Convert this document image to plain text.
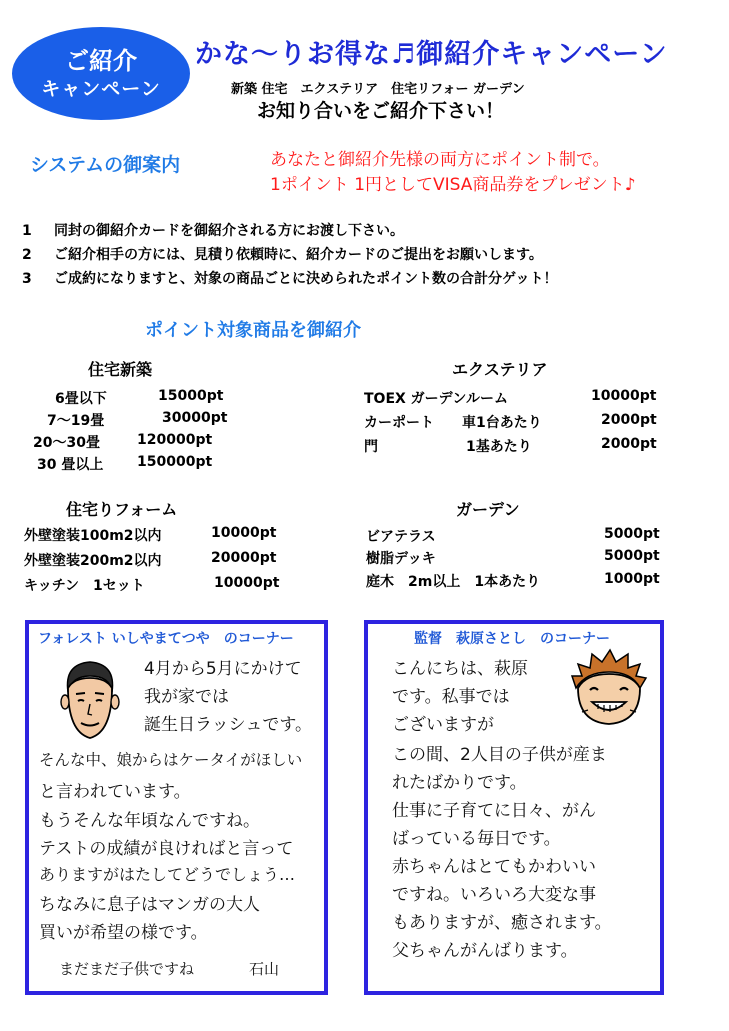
ご紹介
キャンペーン
かな〜りお得な♬御紹介キャンペーン
新築 住宅　エクステリア　住宅リフォー ガーデン
お知り合いをご紹介下さい！
システムの御案内	あなたと御紹介先様の両方にポイント制で。
1ポイント 1円としてVISA商品券をプレゼント♪
1	同封の御紹介カードを御紹介される方にお渡し下さい。
2	ご紹介相手の方には、見積り依頼時に、紹介カードのご提出をお願いします。
3	ご成約になりますと、対象の商品ごとに決められたポイント数の合計分ゲット！
ポイント対象商品を御紹介
住宅新築
6畳以下	15000pt
7〜19畳	30000pt
20〜30畳	120000pt
30 畳以上 150000pt
エクステリア
TOEX ガーデンルーム	10000pt
カーポート 車1台あたり	2000pt
門	1基あたり	2000pt
住宅りフォーム
外壁塗装100m2以内	10000pt
外壁塗装200m2以内	20000pt
キッチン　1セット	10000pt
ガーデン
ビアテラス	5000pt
樹脂デッキ	5000pt
庭木　2m以上　1本あたり	1000pt
フォレスト いしやまてつや　のコーナー
4月から5月にかけて
我が家では
誕生日ラッシュです。
そんな中、娘からはケータイがほしい
と言われています。
もうそんな年頃なんですね。
テストの成績が良ければと言って
ありますがはたしてどうでしょう…
ちなみに息子はマンガの大人
買いが希望の様です。
まだまだ子供ですね	石山
監督　萩原さとし　のコーナー
こんにちは、萩原
です。私事では
ございますが
この間、2人目の子供が産ま
れたばかりです。
仕事に子育てに日々、がん
ばっている毎日です。
赤ちゃんはとてもかわいい
ですね。いろいろ大変な事
もありますが、癒されます。
父ちゃんがんばります。
